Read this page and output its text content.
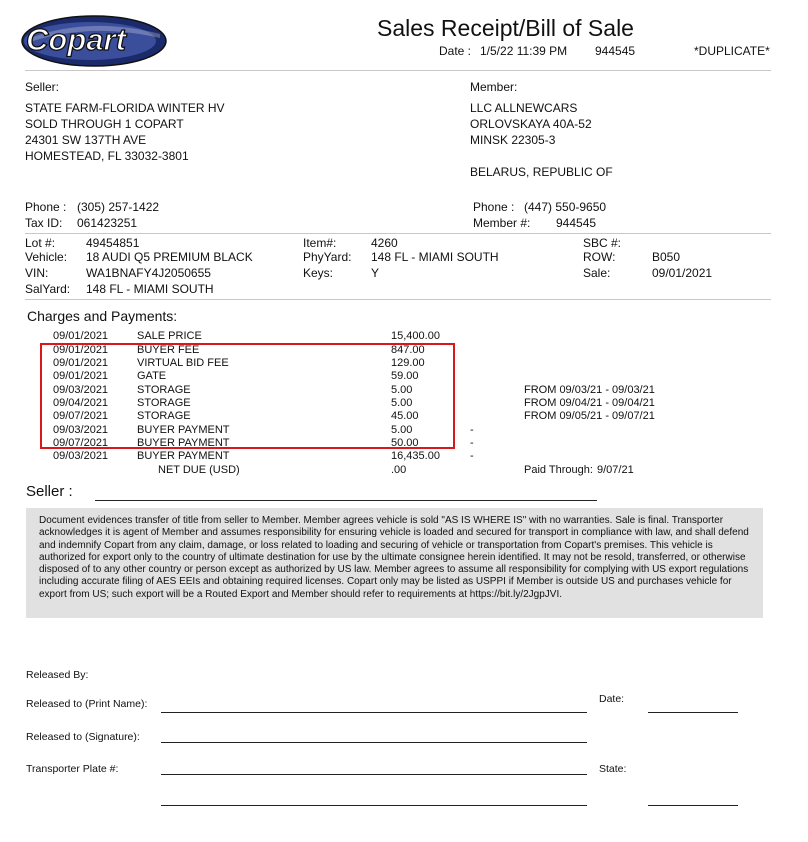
Copart	Sales Receipt/Bill of Sale
Date : 1/5/22 11:39 PM 944545	*DUPLICATE*
Seller:
STATE FARM-FLORIDA WINTER HV
SOLD THROUGH 1 COPART
24301 SW 137TH AVE
HOMESTEAD, FL 33032-3801
Phone : (305) 257-1422
Tax ID: 061423251
Member:
LLC ALLNEWCARS
ORLOVSKAYA 40A-52
MINSK 22305-3
BELARUS, REPUBLIC OF
Phone : (447) 550-9650
Member #: 944545
Lot #:	49454851
Vehicle: 18 AUDI Q5 PREMIUM BLACK
VIN:	WA1BNAFY4J2050655
SalYard: 148 FL - MIAMI SOUTH
Item#:	4260
PhyYard: 148 FL - MIAMI SOUTH
Keys:	Y
SBC #:
ROW:	B050
Sale:	09/01/2021
Charges and Payments:
09/01/2021	SALE PRICE	15,400.00
09/01/2021	BUYER FEE	847.00
09/01/2021	VIRTUAL BID FEE	129.00
09/01/2021	GATE	59.00
09/03/2021	STORAGE	5.00	FROM 09/03/21 - 09/03/21
09/04/2021	STORAGE	5.00	FROM 09/04/21 - 09/04/21
09/07/2021	STORAGE	45.00	FROM 09/05/21 - 09/07/21
09/03/2021	BUYER PAYMENT	5.00	-
09/07/2021	BUYER PAYMENT	50.00	-
09/03/2021	BUYER PAYMENT	16,435.00	-
NET DUE (USD)	.00	Paid Through: 9/07/21
Seller :

Document evidences transfer of title from seller to Member. Member agrees vehicle is sold "AS IS WHERE IS" with no warranties. Sale is final. Transporter acknowledges it is agent of Member and assumes responsibility for ensuring vehicle is loaded and secured for transport in compliance with law, and shall defend and indemnify Copart from any claim, damage, or loss related to loading and securing of vehicle or transportation from Copart's premises. This vehicle is authorized for export only to the country of ultimate destination for use by the ultimate consignee herein identified. It may not be resold, transferred, or otherwise disposed of to any other country or person except as authorized by US law. Member agrees to assume all responsibility for complying with US export regulations including accurate filing of AES EEIs and obtaining required licenses. Copart only may be listed as USPPI if Member is outside US and purchases vehicle for export from US; such export will be a Routed Export and Member should refer to requirements at https://bit.ly/2JgpJVI.

Released By:
Released to (Print Name):	Date:
Released to (Signature):
Transporter Plate #:	State:
